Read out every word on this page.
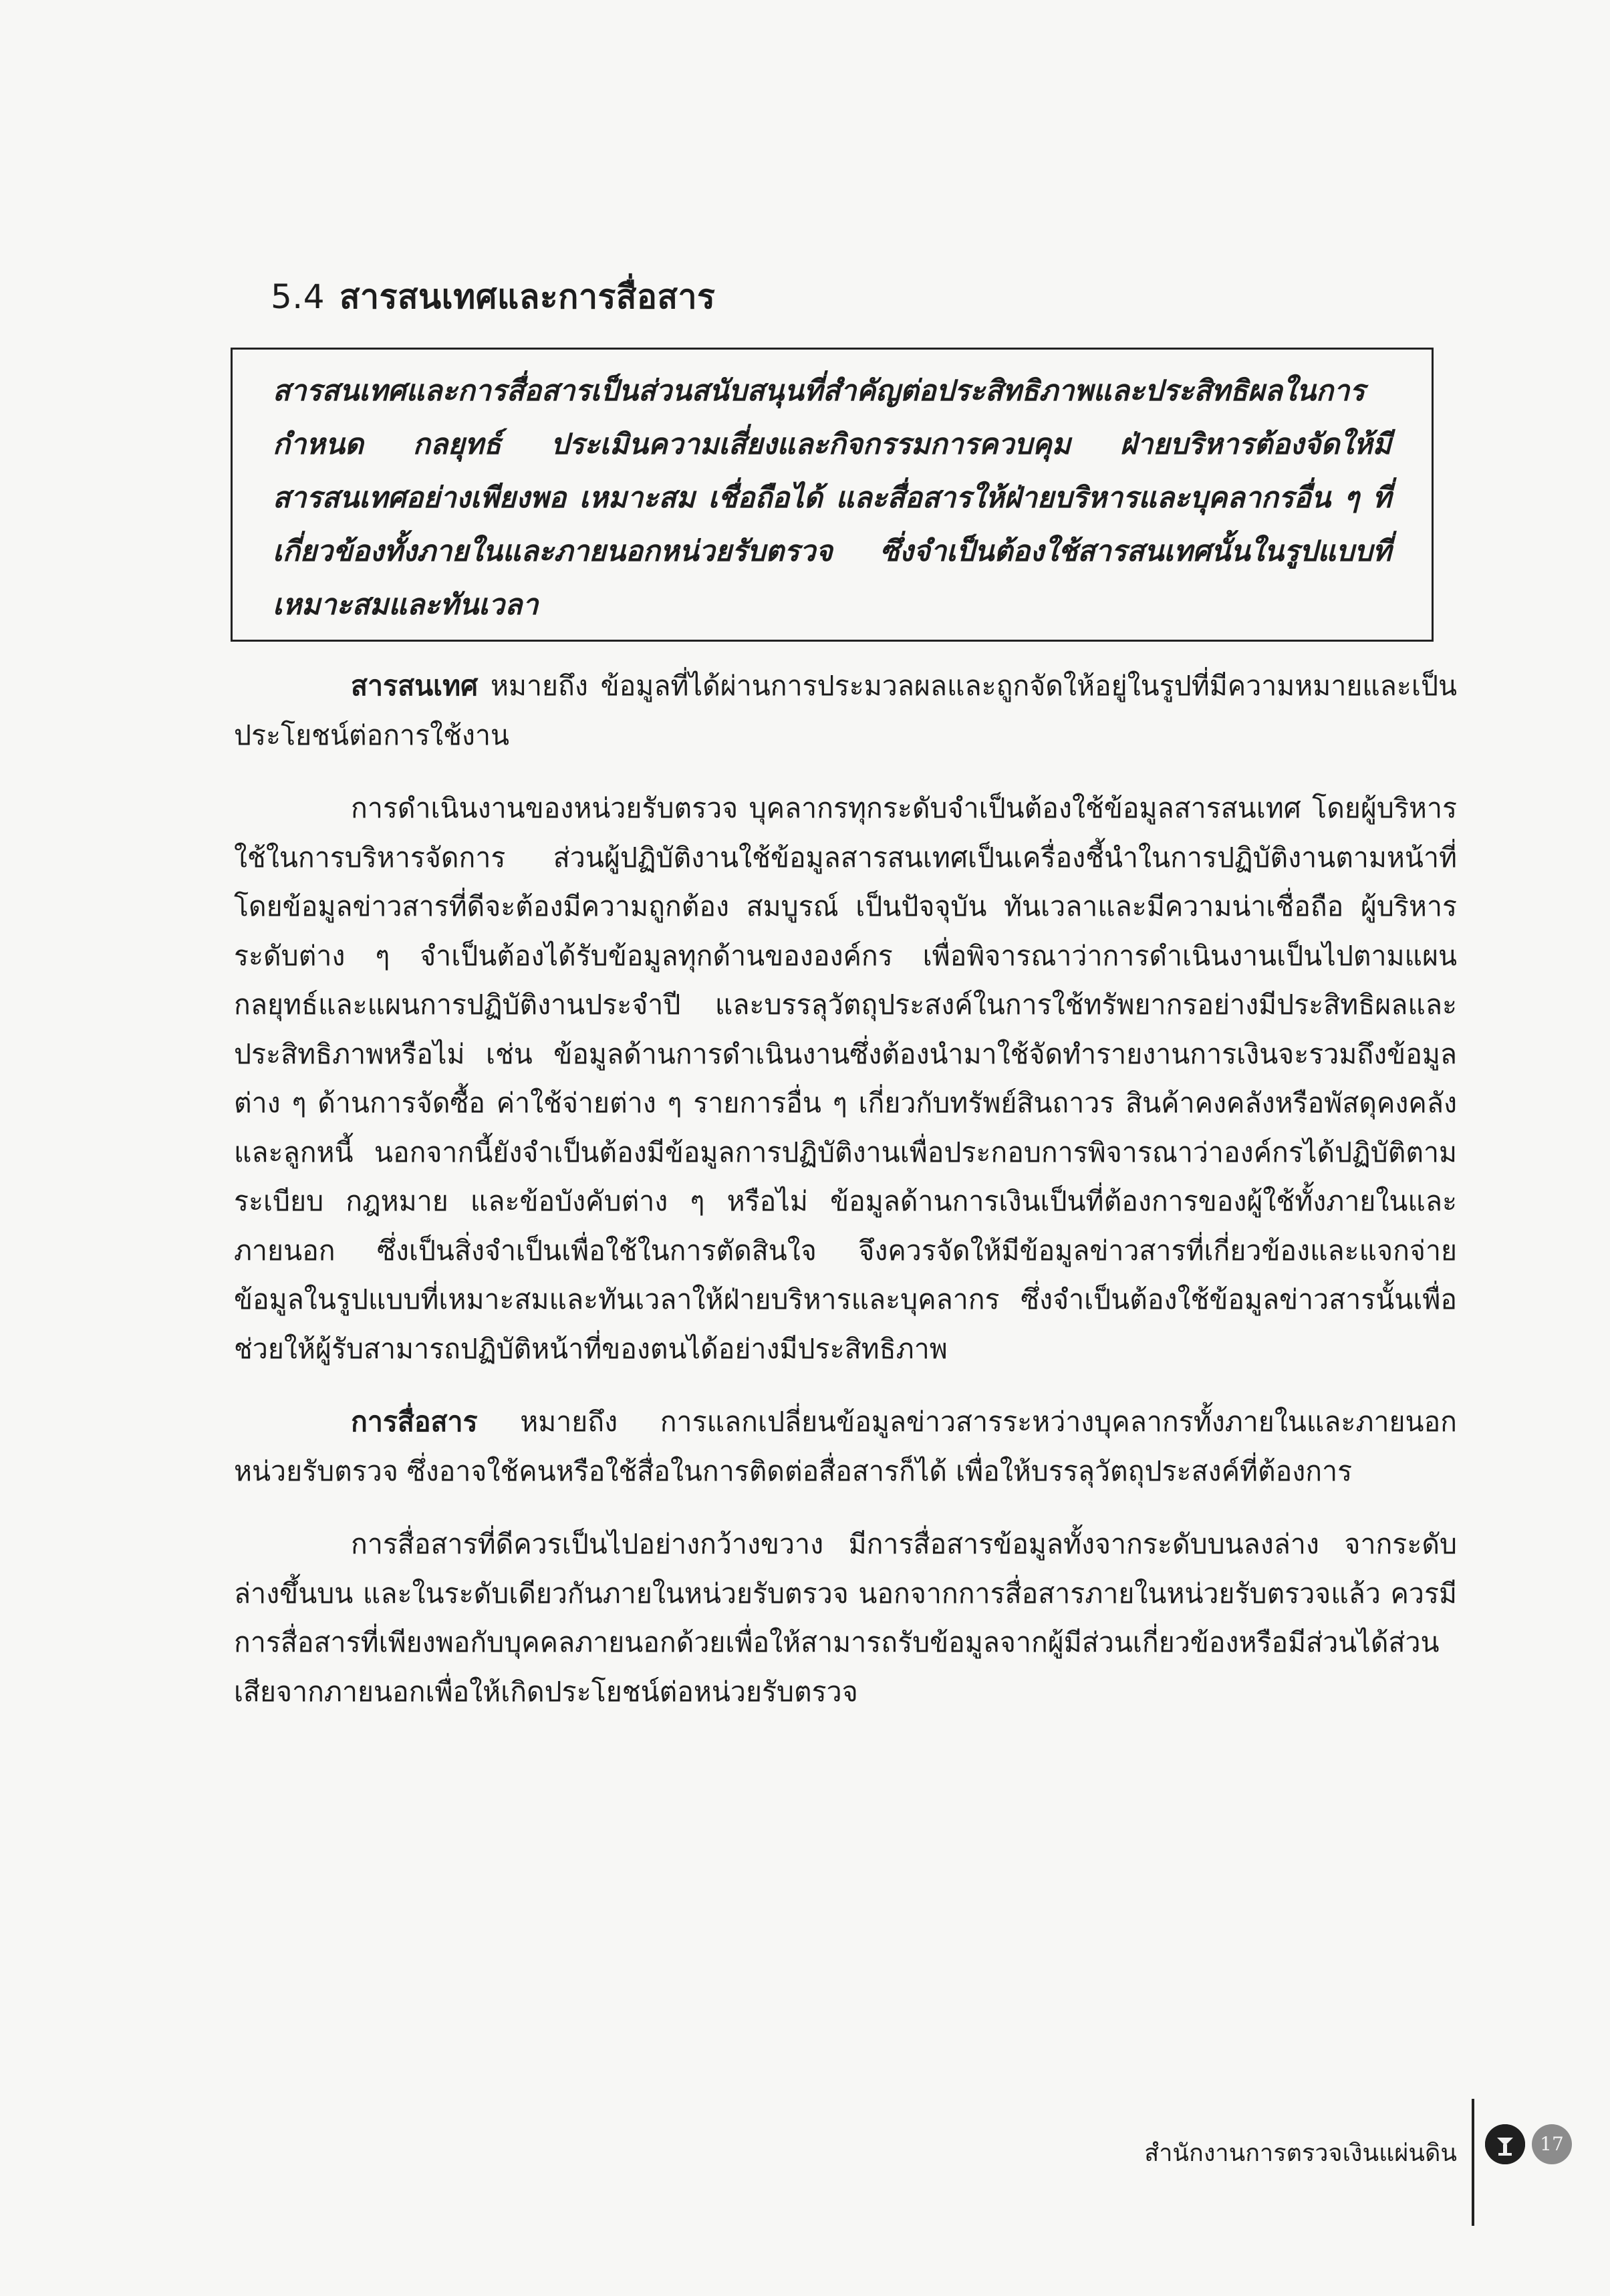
5.4 สารสนเทศและการสื่อสาร

สารสนเทศและการสื่อสารเป็นส่วนสนับสนุนที่สำคัญต่อประสิทธิภาพและประสิทธิผลในการกำหนด กลยุทธ์ ประเมินความเสี่ยงและกิจกรรมการควบคุม ฝ่ายบริหารต้องจัดให้มีสารสนเทศอย่างเพียงพอ เหมาะสม เชื่อถือได้ และสื่อสารให้ฝ่ายบริหารและบุคลากรอื่น ๆ ที่เกี่ยวข้องทั้งภายในและภายนอกหน่วยรับตรวจ ซึ่งจำเป็นต้องใช้สารสนเทศนั้นในรูปแบบที่เหมาะสมและทันเวลา

สารสนเทศ หมายถึง ข้อมูลที่ได้ผ่านการประมวลผลและถูกจัดให้อยู่ในรูปที่มีความหมายและเป็นประโยชน์ต่อการใช้งาน

การดำเนินงานของหน่วยรับตรวจ บุคลากรทุกระดับจำเป็นต้องใช้ข้อมูลสารสนเทศ โดยผู้บริหารใช้ในการบริหารจัดการ ส่วนผู้ปฏิบัติงานใช้ข้อมูลสารสนเทศเป็นเครื่องชี้นำในการปฏิบัติงานตามหน้าที่ โดยข้อมูลข่าวสารที่ดีจะต้องมีความถูกต้อง สมบูรณ์ เป็นปัจจุบัน ทันเวลาและมีความน่าเชื่อถือ ผู้บริหารระดับต่าง ๆ จำเป็นต้องได้รับข้อมูลทุกด้านขององค์กร เพื่อพิจารณาว่าการดำเนินงานเป็นไปตามแผนกลยุทธ์และแผนการปฏิบัติงานประจำปี และบรรลุวัตถุประสงค์ในการใช้ทรัพยากรอย่างมีประสิทธิผลและประสิทธิภาพหรือไม่ เช่น ข้อมูลด้านการดำเนินงานซึ่งต้องนำมาใช้จัดทำรายงานการเงินจะรวมถึงข้อมูลต่าง ๆ ด้านการจัดซื้อ ค่าใช้จ่ายต่าง ๆ รายการอื่น ๆ เกี่ยวกับทรัพย์สินถาวร สินค้าคงคลังหรือพัสดุคงคลัง และลูกหนี้ นอกจากนี้ยังจำเป็นต้องมีข้อมูลการปฏิบัติงานเพื่อประกอบการพิจารณาว่าองค์กรได้ปฏิบัติตามระเบียบ กฎหมาย และข้อบังคับต่าง ๆ หรือไม่ ข้อมูลด้านการเงินเป็นที่ต้องการของผู้ใช้ทั้งภายในและภายนอก ซึ่งเป็นสิ่งจำเป็นเพื่อใช้ในการตัดสินใจ จึงควรจัดให้มีข้อมูลข่าวสารที่เกี่ยวข้องและแจกจ่ายข้อมูลในรูปแบบที่เหมาะสมและทันเวลาให้ฝ่ายบริหารและบุคลากร ซึ่งจำเป็นต้องใช้ข้อมูลข่าวสารนั้นเพื่อช่วยให้ผู้รับสามารถปฏิบัติหน้าที่ของตนได้อย่างมีประสิทธิภาพ

การสื่อสาร หมายถึง การแลกเปลี่ยนข้อมูลข่าวสารระหว่างบุคลากรทั้งภายในและภายนอกหน่วยรับตรวจ ซึ่งอาจใช้คนหรือใช้สื่อในการติดต่อสื่อสารก็ได้ เพื่อให้บรรลุวัตถุประสงค์ที่ต้องการ

การสื่อสารที่ดีควรเป็นไปอย่างกว้างขวาง มีการสื่อสารข้อมูลทั้งจากระดับบนลงล่าง จากระดับล่างขึ้นบน และในระดับเดียวกันภายในหน่วยรับตรวจ นอกจากการสื่อสารภายในหน่วยรับตรวจแล้ว ควรมีการสื่อสารที่เพียงพอกับบุคคลภายนอกด้วยเพื่อให้สามารถรับข้อมูลจากผู้มีส่วนเกี่ยวข้องหรือมีส่วนได้ส่วนเสียจากภายนอกเพื่อให้เกิดประโยชน์ต่อหน่วยรับตรวจ

สำนักงานการตรวจเงินแผ่นดิน	17
